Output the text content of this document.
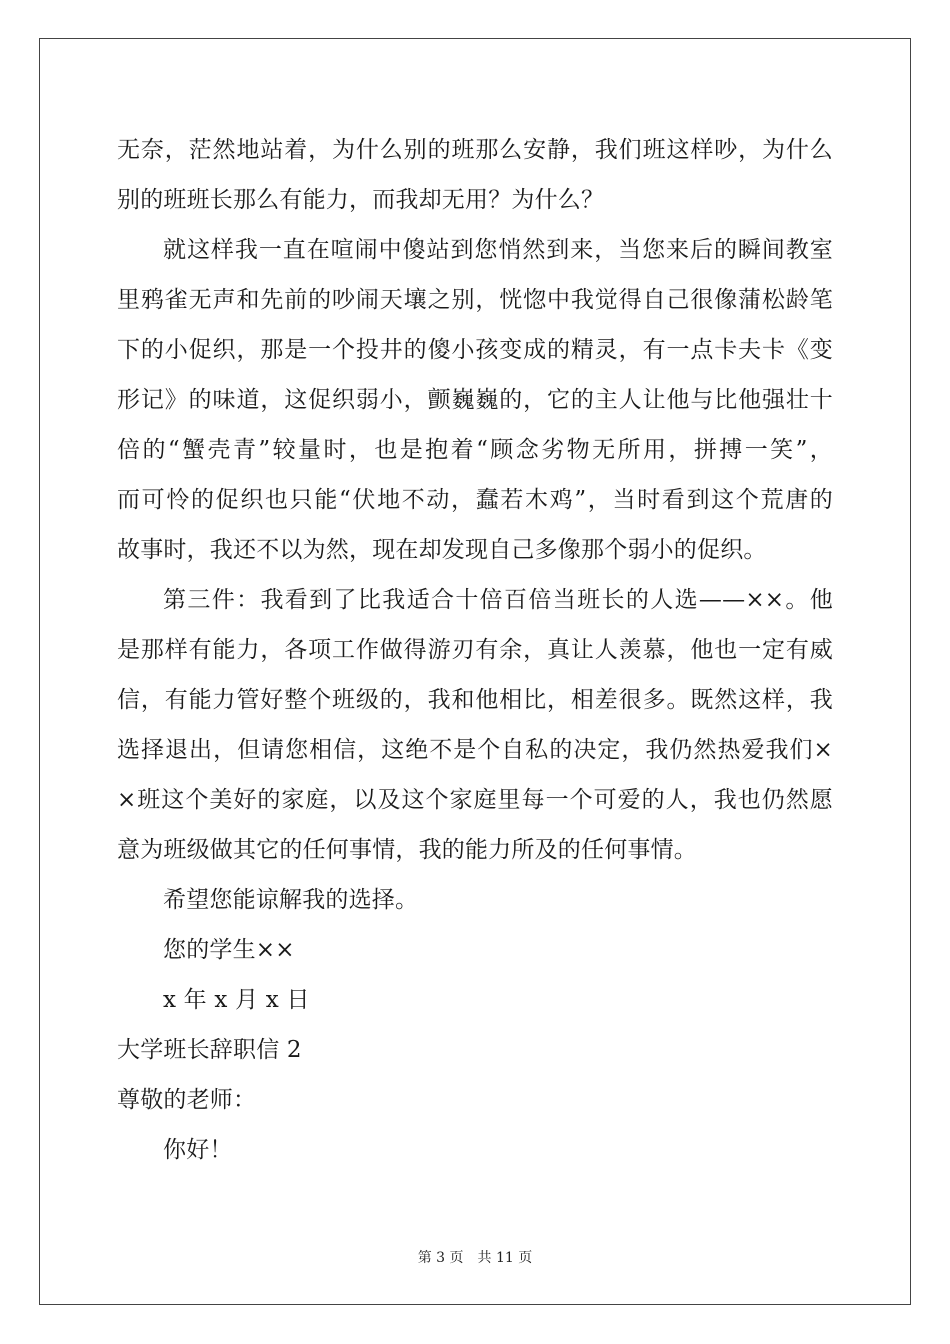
无奈，茫然地站着，为什么别的班那么安静，我们班这样吵，为什么
别的班班长那么有能力，而我却无用？为什么？
就这样我一直在喧闹中傻站到您悄然到来，当您来后的瞬间教室
里鸦雀无声和先前的吵闹天壤之别，恍惚中我觉得自己很像蒲松龄笔
下的小促织，那是一个投井的傻小孩变成的精灵，有一点卡夫卡《变
形记》的味道，这促织弱小，颤巍巍的，它的主人让他与比他强壮十
倍的“蟹壳青”较量时，也是抱着“顾念劣物无所用，拼搏一笑”，
而可怜的促织也只能“伏地不动，蠢若木鸡”，当时看到这个荒唐的
故事时，我还不以为然，现在却发现自己多像那个弱小的促织。
第三件：我看到了比我适合十倍百倍当班长的人选——××。他
是那样有能力，各项工作做得游刃有余，真让人羡慕，他也一定有威
信，有能力管好整个班级的，我和他相比，相差很多。既然这样，我
选择退出，但请您相信，这绝不是个自私的决定，我仍然热爱我们×
×班这个美好的家庭，以及这个家庭里每一个可爱的人，我也仍然愿
意为班级做其它的任何事情，我的能力所及的任何事情。
希望您能谅解我的选择。
您的学生××
x 年 x 月 x 日
大学班长辞职信 2
尊敬的老师：
你好！
第 3 页　共 11 页
